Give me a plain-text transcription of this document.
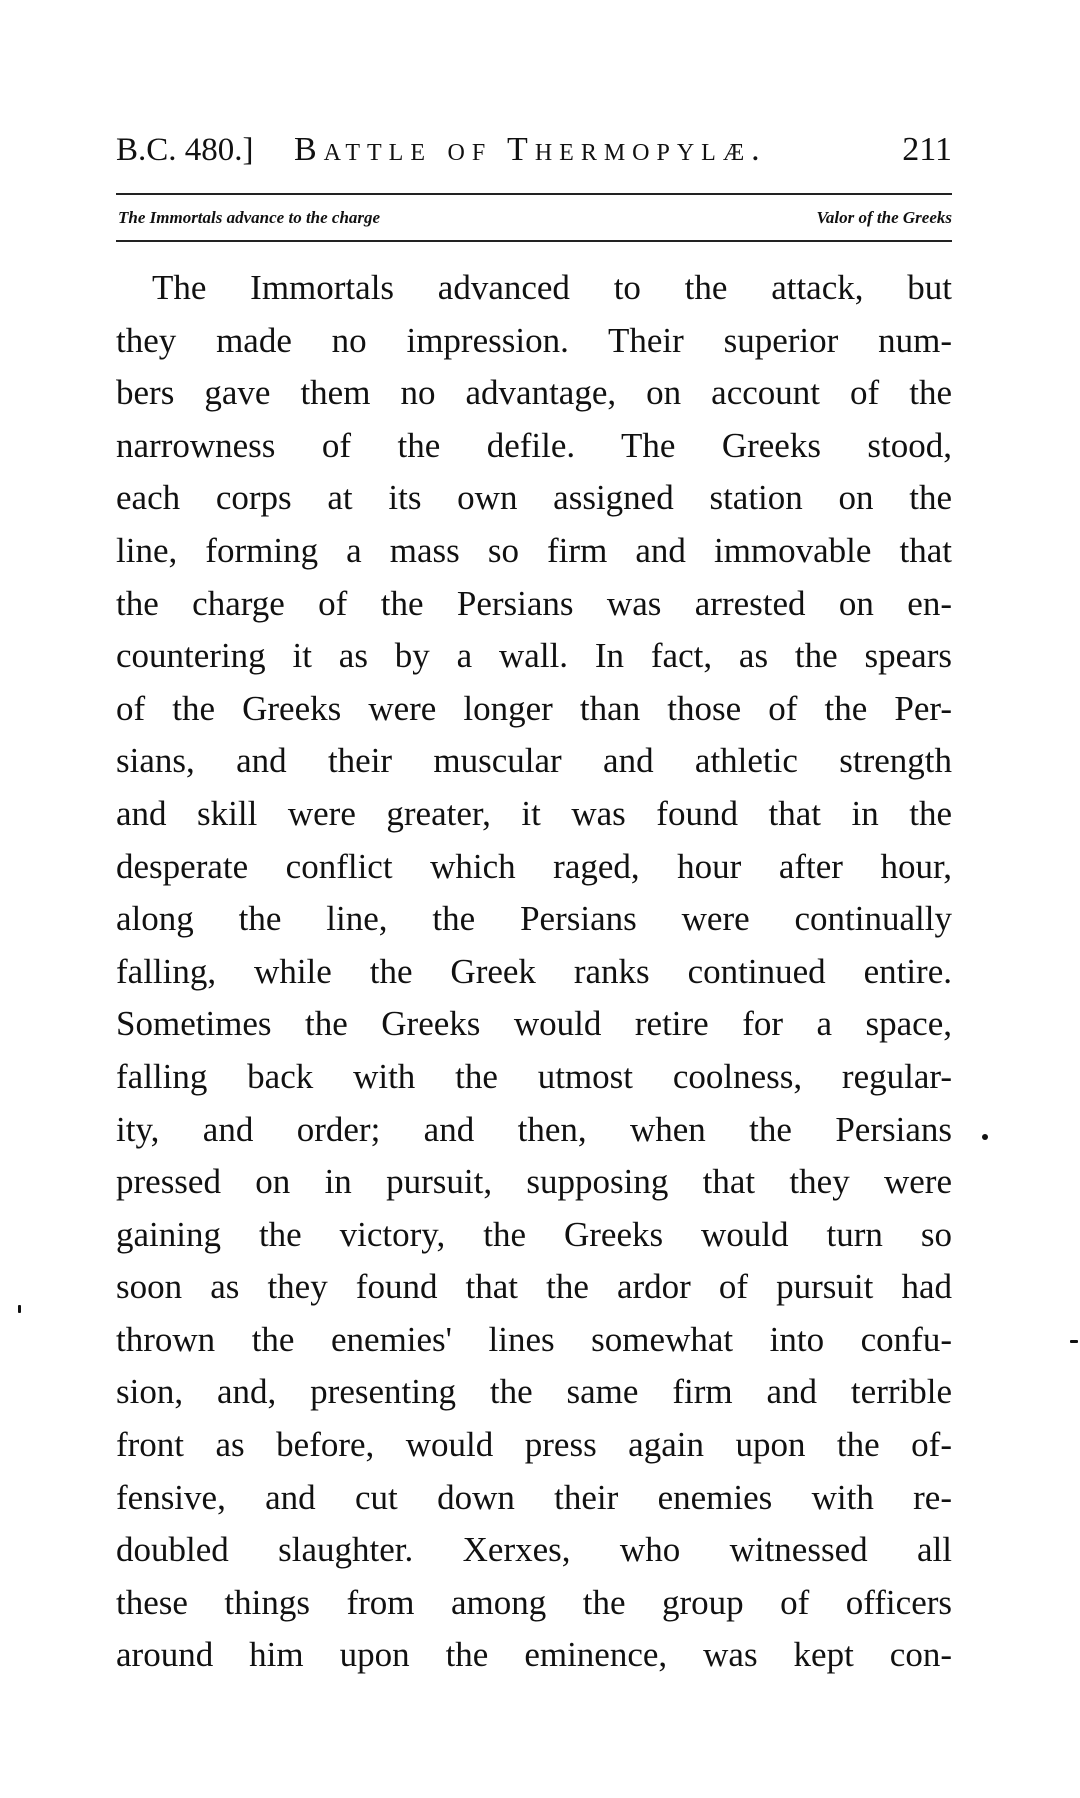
B.C. 480.] Battle of Thermopylæ.	211
The Immortals advance to the charge	Valor of the Greeks
The Immortals advanced to the attack, but
they made no impression. Their superior num-
bers gave them no advantage, on account of the
narrowness of the defile. The Greeks stood,
each corps at its own assigned station on the
line, forming a mass so firm and immovable that
the charge of the Persians was arrested on en-
countering it as by a wall. In fact, as the spears
of the Greeks were longer than those of the Per-
sians, and their muscular and athletic strength
and skill were greater, it was found that in the
desperate conflict which raged, hour after hour,
along the line, the Persians were continually
falling, while the Greek ranks continued entire.
Sometimes the Greeks would retire for a space,
falling back with the utmost coolness, regular-
ity, and order; and then, when the Persians
pressed on in pursuit, supposing that they were
gaining the victory, the Greeks would turn so
soon as they found that the ardor of pursuit had
thrown the enemies' lines somewhat into confu-
sion, and, presenting the same firm and terrible
front as before, would press again upon the of-
fensive, and cut down their enemies with re-
doubled slaughter. Xerxes, who witnessed all
these things from among the group of officers
around him upon the eminence, was kept con-
